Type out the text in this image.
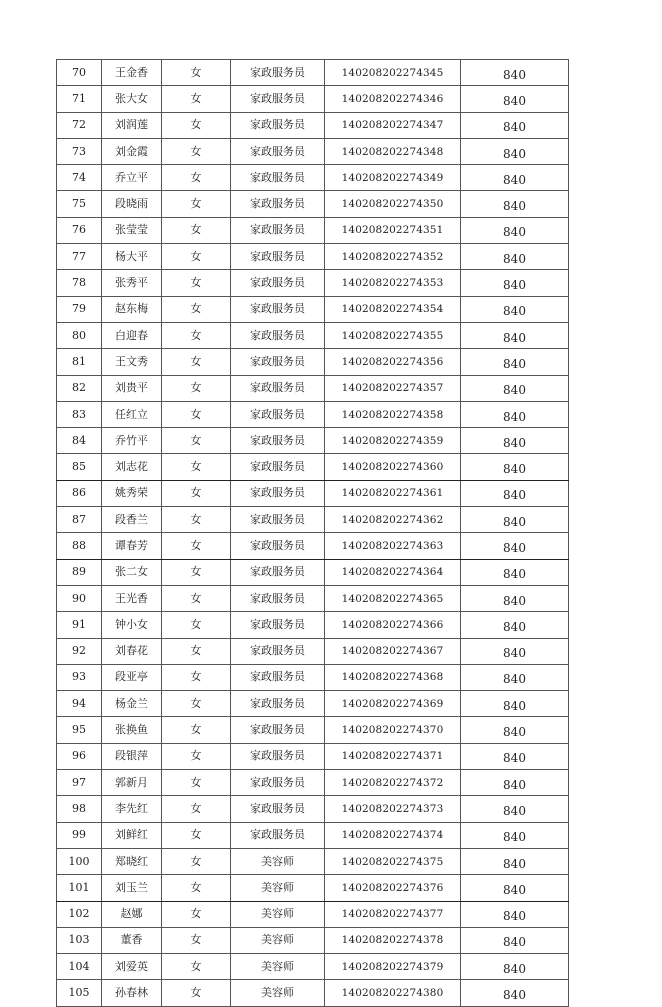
70	王金香	女	家政服务员	140208202274345	840
71	张大女	女	家政服务员	140208202274346	840
72	刘润莲	女	家政服务员	140208202274347	840
73	刘金霞	女	家政服务员	140208202274348	840
74	乔立平	女	家政服务员	140208202274349	840
75	段晓雨	女	家政服务员	140208202274350	840
76	张莹莹	女	家政服务员	140208202274351	840
77	杨大平	女	家政服务员	140208202274352	840
78	张秀平	女	家政服务员	140208202274353	840
79	赵东梅	女	家政服务员	140208202274354	840
80	白迎春	女	家政服务员	140208202274355	840
81	王文秀	女	家政服务员	140208202274356	840
82	刘贵平	女	家政服务员	140208202274357	840
83	任红立	女	家政服务员	140208202274358	840
84	乔竹平	女	家政服务员	140208202274359	840
85	刘志花	女	家政服务员	140208202274360	840
86	姚秀荣	女	家政服务员	140208202274361	840
87	段香兰	女	家政服务员	140208202274362	840
88	谭春芳	女	家政服务员	140208202274363	840
89	张二女	女	家政服务员	140208202274364	840
90	王光香	女	家政服务员	140208202274365	840
91	钟小女	女	家政服务员	140208202274366	840
92	刘春花	女	家政服务员	140208202274367	840
93	段亚亭	女	家政服务员	140208202274368	840
94	杨金兰	女	家政服务员	140208202274369	840
95	张换鱼	女	家政服务员	140208202274370	840
96	段银萍	女	家政服务员	140208202274371	840
97	郭新月	女	家政服务员	140208202274372	840
98	李先红	女	家政服务员	140208202274373	840
99	刘鲜红	女	家政服务员	140208202274374	840
100	郑晓红	女	美容师	140208202274375	840
101	刘玉兰	女	美容师	140208202274376	840
102	赵娜	女	美容师	140208202274377	840
103	董香	女	美容师	140208202274378	840
104	刘爱英	女	美容师	140208202274379	840
105	孙春林	女	美容师	140208202274380	840
